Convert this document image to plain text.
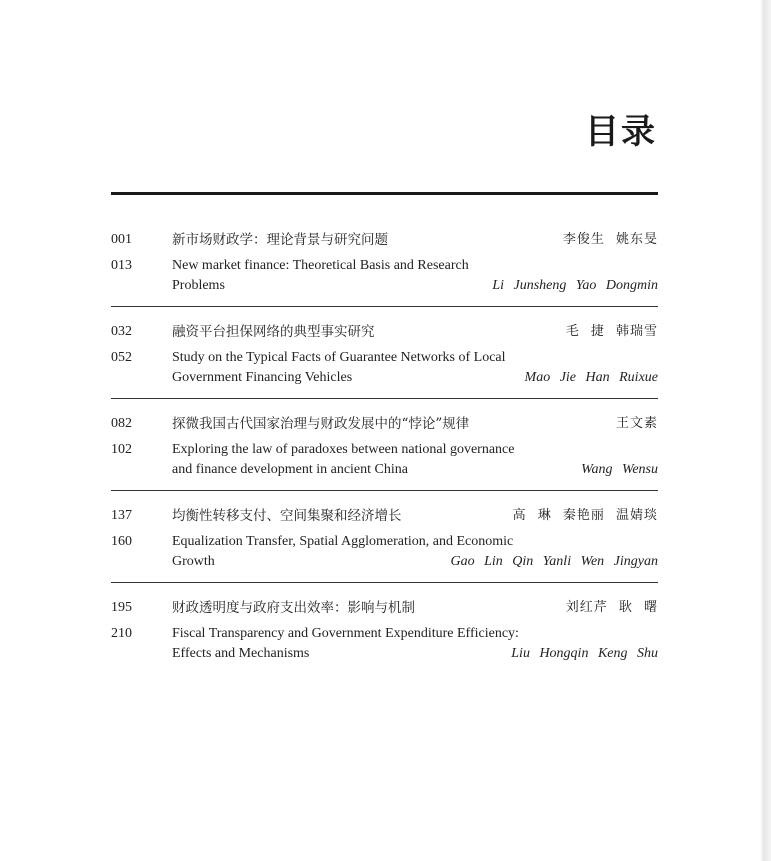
目录
001	新市场财政学：理论背景与研究问题	李俊生 姚东旻
013	New market finance: Theoretical Basis and Research
Problems	Li Junsheng Yao Dongmin
032	融资平台担保网络的典型事实研究	毛 捷 韩瑞雪
052	Study on the Typical Facts of Guarantee Networks of Local
Government Financing Vehicles	Mao Jie Han Ruixue
082	探微我国古代国家治理与财政发展中的“悖论”规律	王文素
102	Exploring the law of paradoxes between national governance
and finance development in ancient China	Wang Wensu
137	均衡性转移支付、空间集聚和经济增长	高 琳 秦艳丽 温婧琰
160	Equalization Transfer, Spatial Agglomeration, and Economic
Growth	Gao Lin Qin Yanli Wen Jingyan
195	财政透明度与政府支出效率：影响与机制	刘红芹 耿 曙
210	Fiscal Transparency and Government Expenditure Efficiency:
Effects and Mechanisms	Liu Hongqin Keng Shu
